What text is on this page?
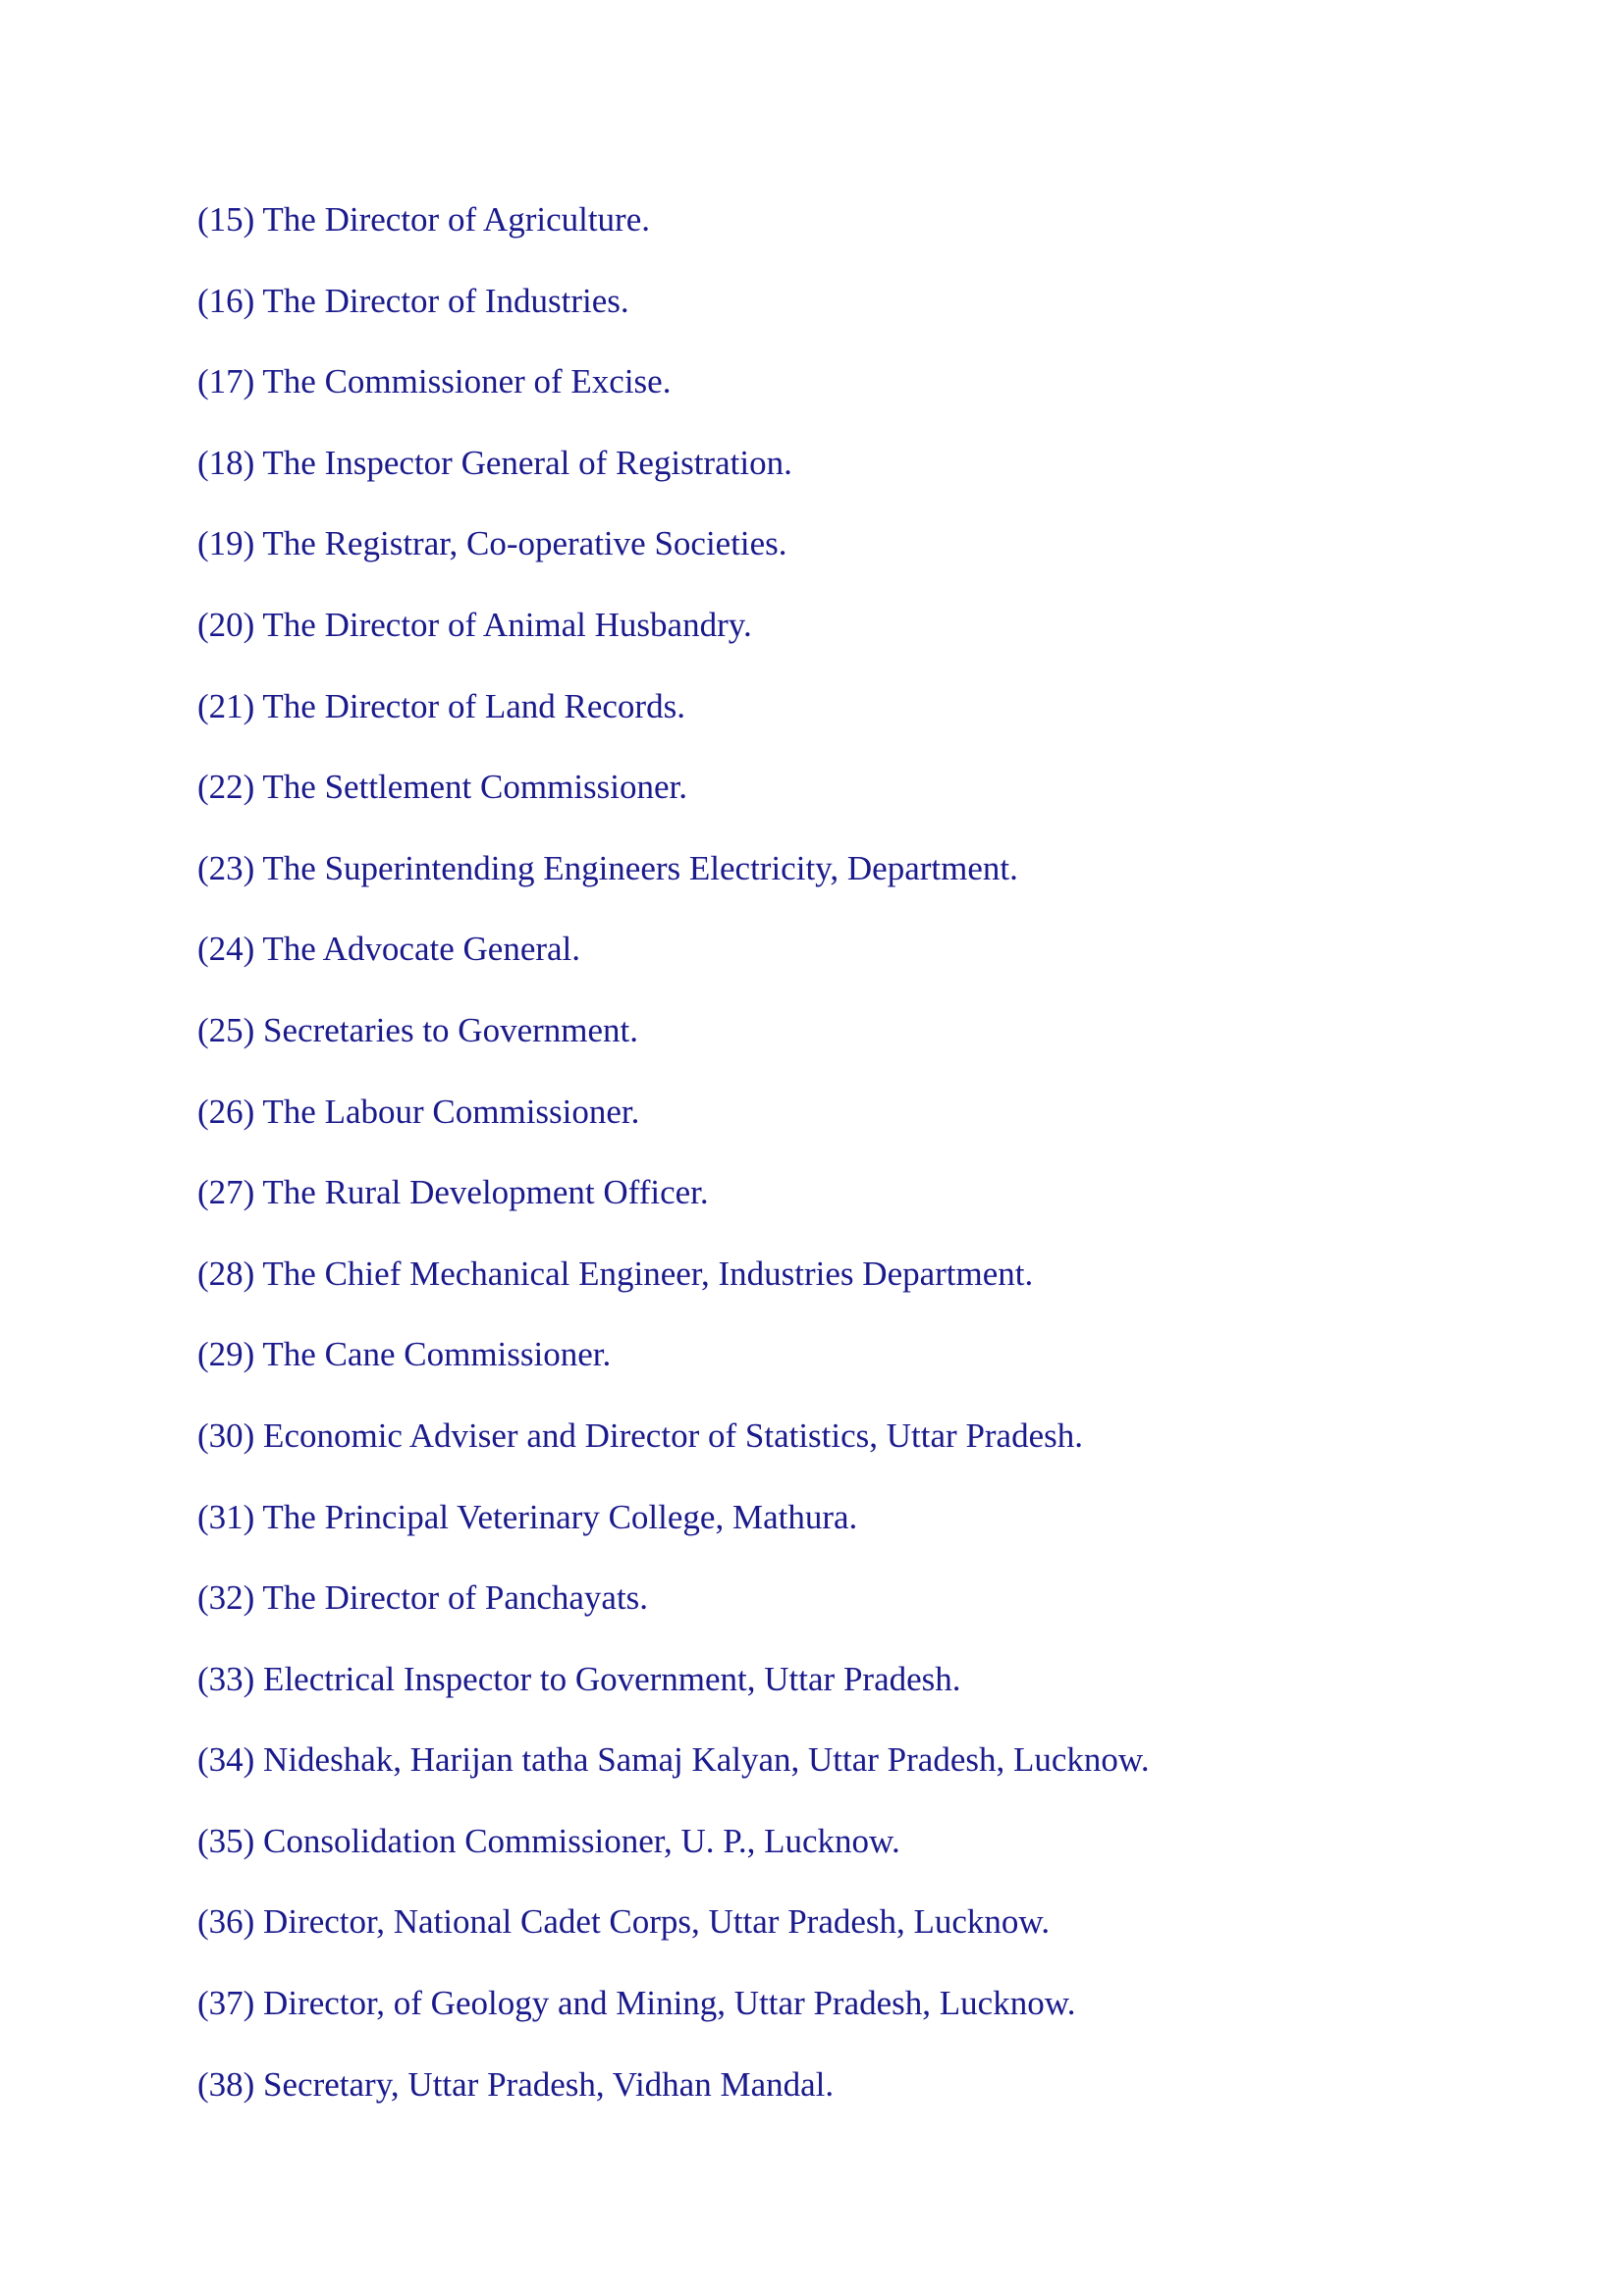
(15) The Director of Agriculture.
(16) The Director of Industries.
(17) The Commissioner of Excise.
(18) The Inspector General of Registration.
(19) The Registrar, Co-operative Societies.
(20) The Director of Animal Husbandry.
(21) The Director of Land Records.
(22) The Settlement Commissioner.
(23) The Superintending Engineers Electricity, Department.
(24) The Advocate General.
(25) Secretaries to Government.
(26) The Labour Commissioner.
(27) The Rural Development Officer.
(28) The Chief Mechanical Engineer, Industries Department.
(29) The Cane Commissioner.
(30) Economic Adviser and Director of Statistics, Uttar Pradesh.
(31) The Principal Veterinary College, Mathura.
(32) The Director of Panchayats.
(33) Electrical Inspector to Government, Uttar Pradesh.
(34) Nideshak, Harijan tatha Samaj Kalyan, Uttar Pradesh, Lucknow.
(35) Consolidation Commissioner, U. P., Lucknow.
(36) Director, National Cadet Corps, Uttar Pradesh, Lucknow.
(37) Director, of Geology and Mining, Uttar Pradesh, Lucknow.
(38) Secretary, Uttar Pradesh, Vidhan Mandal.
